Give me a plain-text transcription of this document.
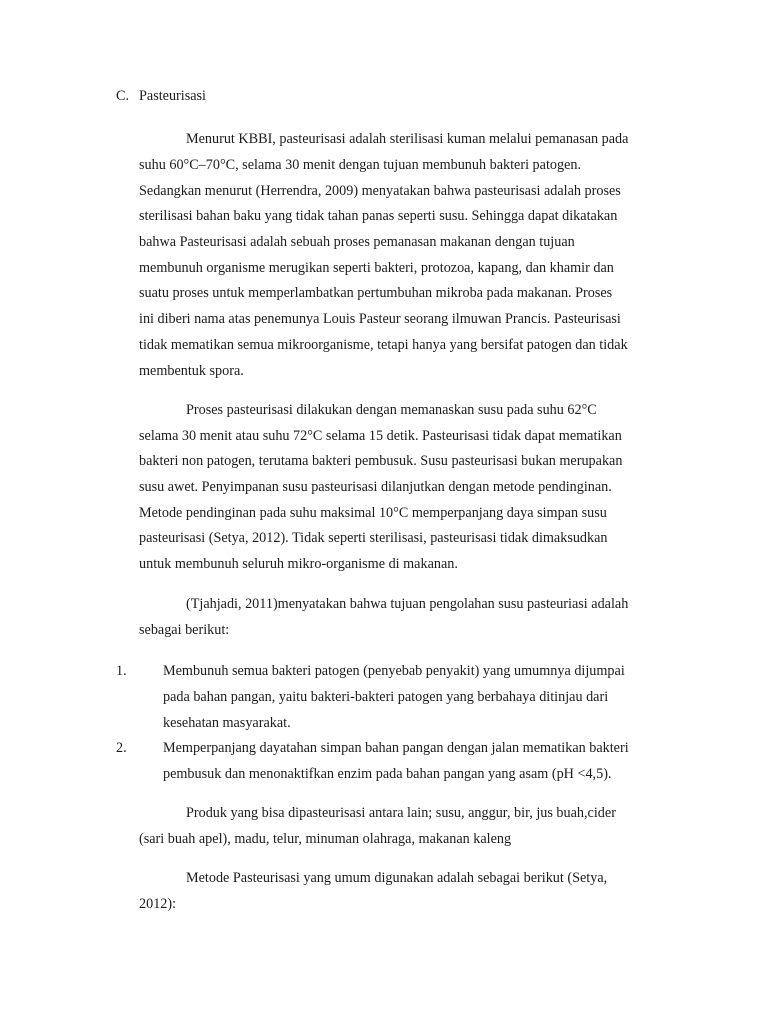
C. Pasteurisasi

Menurut KBBI, pasteurisasi adalah sterilisasi kuman melalui pemanasan pada

suhu 60°C–70°C, selama 30 menit dengan tujuan membunuh bakteri patogen.

Sedangkan menurut (Herrendra, 2009) menyatakan bahwa pasteurisasi adalah proses

sterilisasi bahan baku yang tidak tahan panas seperti susu. Sehingga dapat dikatakan

bahwa Pasteurisasi adalah sebuah proses pemanasan makanan dengan tujuan

membunuh organisme merugikan seperti bakteri, protozoa, kapang, dan khamir dan

suatu proses untuk memperlambatkan pertumbuhan mikroba pada makanan. Proses

ini diberi nama atas penemunya Louis Pasteur seorang ilmuwan Prancis. Pasteurisasi

tidak mematikan semua mikroorganisme, tetapi hanya yang bersifat patogen dan tidak

membentuk spora.

Proses pasteurisasi dilakukan dengan memanaskan susu pada suhu 62°C

selama 30 menit atau suhu 72°C selama 15 detik. Pasteurisasi tidak dapat mematikan

bakteri non patogen, terutama bakteri pembusuk. Susu pasteurisasi bukan merupakan

susu awet. Penyimpanan susu pasteurisasi dilanjutkan dengan metode pendinginan.

Metode pendinginan pada suhu maksimal 10°C memperpanjang daya simpan susu

pasteurisasi (Setya, 2012). Tidak seperti sterilisasi, pasteurisasi tidak dimaksudkan

untuk membunuh seluruh mikro-organisme di makanan.

(Tjahjadi, 2011)menyatakan bahwa tujuan pengolahan susu pasteuriasi adalah

sebagai berikut:

1.	Membunuh semua bakteri patogen (penyebab penyakit) yang umumnya dijumpai

pada bahan pangan, yaitu bakteri-bakteri patogen yang berbahaya ditinjau dari

kesehatan masyarakat.

2.	Memperpanjang dayatahan simpan bahan pangan dengan jalan mematikan bakteri

pembusuk dan menonaktifkan enzim pada bahan pangan yang asam (pH <4,5).

Produk yang bisa dipasteurisasi antara lain; susu, anggur, bir, jus buah,cider

(sari buah apel), madu, telur, minuman olahraga, makanan kaleng

Metode Pasteurisasi yang umum digunakan adalah sebagai berikut (Setya,

2012):
